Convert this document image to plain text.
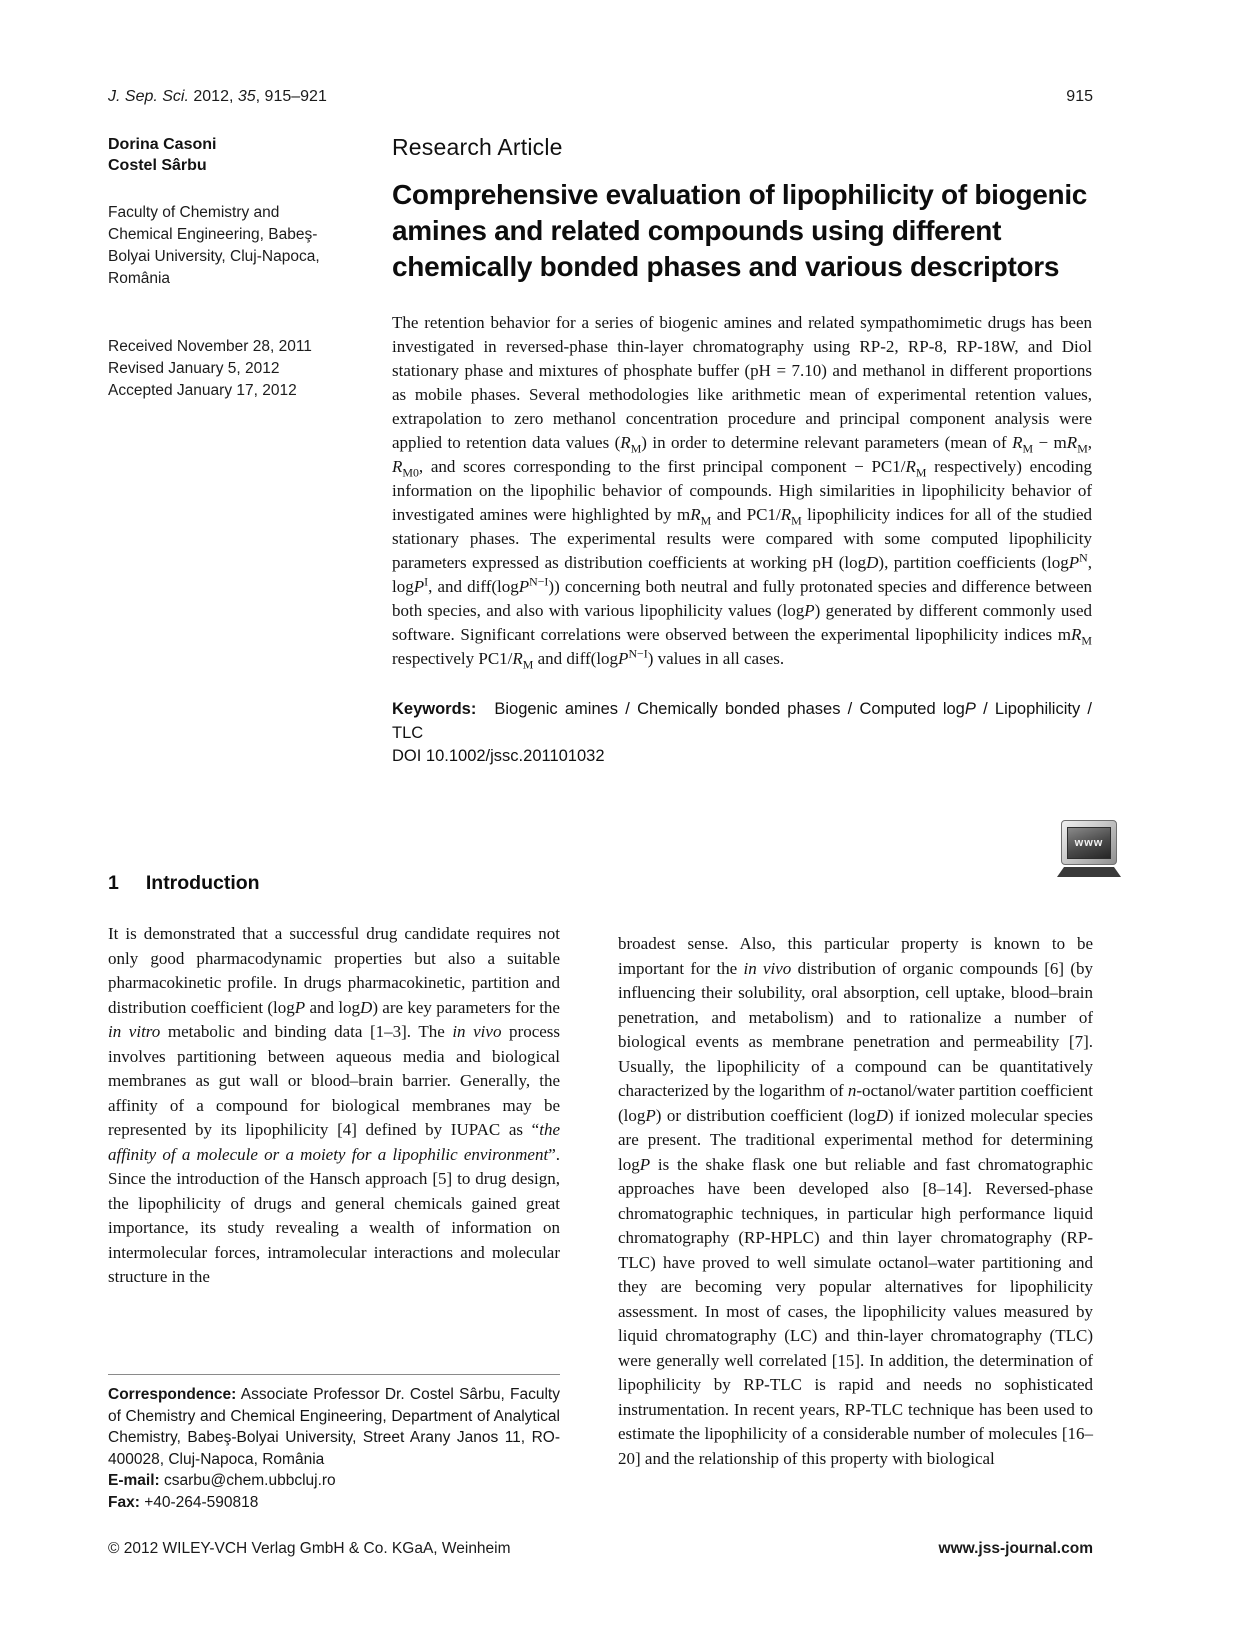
J. Sep. Sci. 2012, 35, 915–921	915
Dorina Casoni
Costel Sârbu
Faculty of Chemistry and Chemical Engineering, Babeş-Bolyai University, Cluj-Napoca, România
Received November 28, 2011
Revised January 5, 2012
Accepted January 17, 2012
Research Article
Comprehensive evaluation of lipophilicity of biogenic amines and related compounds using different chemically bonded phases and various descriptors

The retention behavior for a series of biogenic amines and related sympathomimetic drugs has been investigated in reversed-phase thin-layer chromatography using RP-2, RP-8, RP-18W, and Diol stationary phase and mixtures of phosphate buffer (pH = 7.10) and methanol in different proportions as mobile phases. Several methodologies like arithmetic mean of experimental retention values, extrapolation to zero methanol concentration procedure and principal component analysis were applied to retention data values $(R_M)$ in order to determine relevant parameters (mean of $R_M - mR_M$, $R_{M0}$, and scores corresponding to the first principal component − $PC1/R_M$ respectively) encoding information on the lipophilic behavior of compounds. High similarities in lipophilicity behavior of investigated amines were highlighted by $mR_M$ and $PC1/R_M$ lipophilicity indices for all of the studied stationary phases. The experimental results were compared with some computed lipophilicity parameters expressed as distribution coefficients at working pH (logD), partition coefficients (logP$^N$, logP$^I$, and diff(logP$^{N-I}$)) concerning both neutral and fully protonated species and difference between both species, and also with various lipophilicity values (logP) generated by different commonly used software. Significant correlations were observed between the experimental lipophilicity indices $mR_M$ respectively $PC1/R_M$ and diff(logP$^{N-I}$) values in all cases.

Keywords: Biogenic amines / Chemically bonded phases / Computed logP / Lipophilicity / TLC

DOI 10.1002/jssc.201101032
www
1 Introduction

It is demonstrated that a successful drug candidate requires not only good pharmacodynamic properties but also a suitable pharmacokinetic profile. In drugs pharmacokinetic, partition and distribution coefficient (logP and logD) are key parameters for the in vitro metabolic and binding data [1–3]. The in vivo process involves partitioning between aqueous media and biological membranes as gut wall or blood–brain barrier. Generally, the affinity of a compound for biological membranes may be represented by its lipophilicity [4] defined by IUPAC as “the affinity of a molecule or a moiety for a lipophilic environment”. Since the introduction of the Hansch approach [5] to drug design, the lipophilicity of drugs and general chemicals gained great importance, its study revealing a wealth of information on intermolecular forces, intramolecular interactions and molecular structure in the

broadest sense. Also, this particular property is known to be important for the in vivo distribution of organic compounds [6] (by influencing their solubility, oral absorption, cell uptake, blood–brain penetration, and metabolism) and to rationalize a number of biological events as membrane penetration and permeability [7]. Usually, the lipophilicity of a compound can be quantitatively characterized by the logarithm of n-octanol/water partition coefficient (logP) or distribution coefficient (logD) if ionized molecular species are present. The traditional experimental method for determining logP is the shake flask one but reliable and fast chromatographic approaches have been developed also [8–14]. Reversed-phase chromatographic techniques, in particular high performance liquid chromatography (RP-HPLC) and thin layer chromatography (RP-TLC) have proved to well simulate octanol–water partitioning and they are becoming very popular alternatives for lipophilicity assessment. In most of cases, the lipophilicity values measured by liquid chromatography (LC) and thin-layer chromatography (TLC) were generally well correlated [15]. In addition, the determination of lipophilicity by RP-TLC is rapid and needs no sophisticated instrumentation. In recent years, RP-TLC technique has been used to estimate the lipophilicity of a considerable number of molecules [16–20] and the relationship of this property with biological

Correspondence: Associate Professor Dr. Costel Sârbu, Faculty of Chemistry and Chemical Engineering, Department of Analytical Chemistry, Babeş-Bolyai University, Street Arany Janos 11, RO-400028, Cluj-Napoca, România

E-mail: csarbu@chem.ubbcluj.ro

Fax: +40-264-590818

© 2012 WILEY-VCH Verlag GmbH & Co. KGaA, Weinheim	www.jss-journal.com
